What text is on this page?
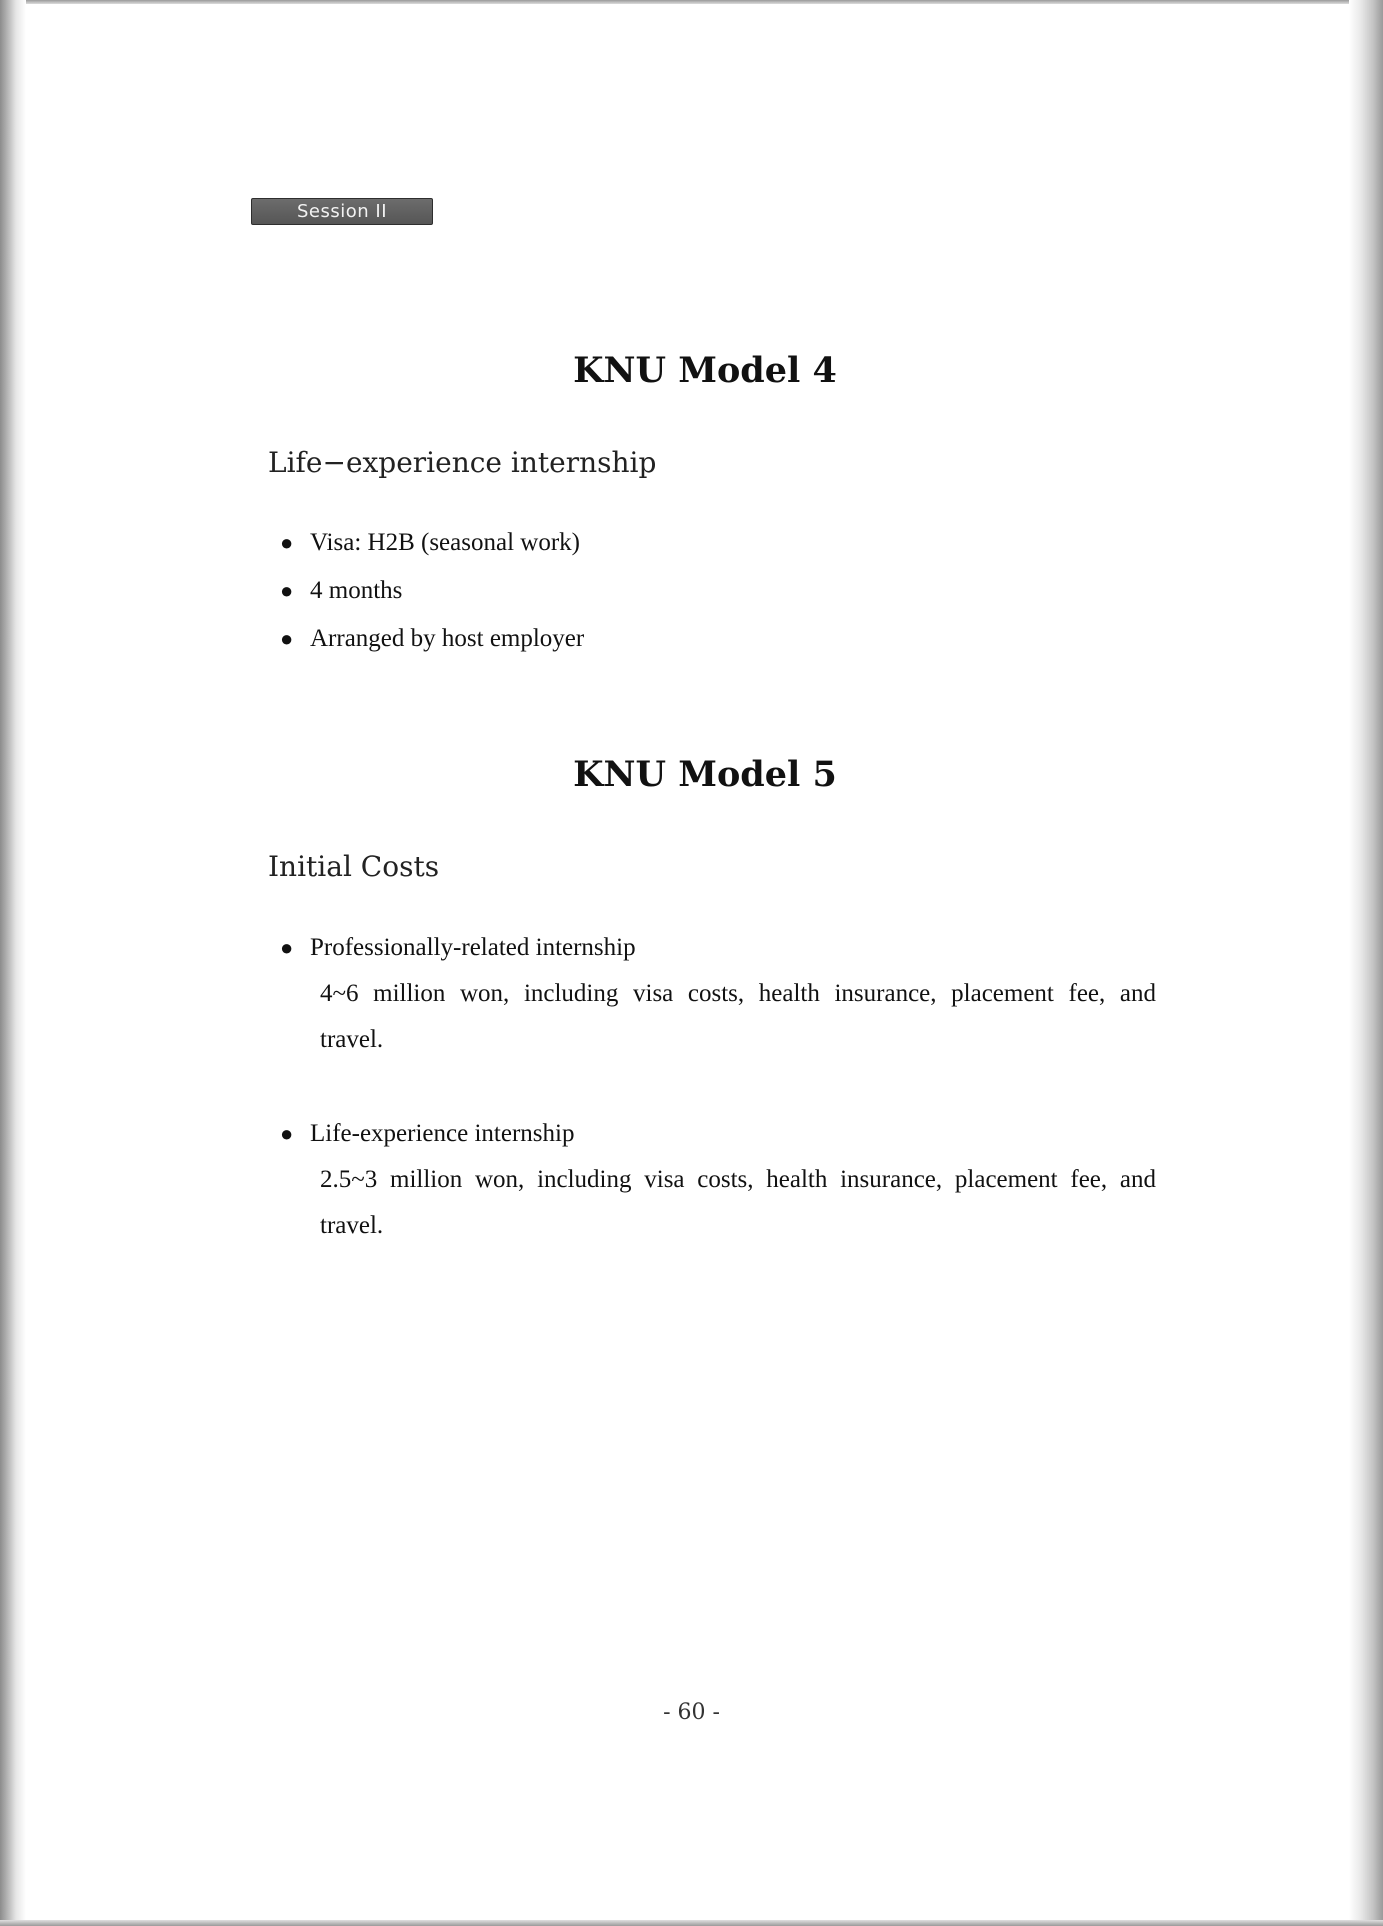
Session II
KNU Model 4
Life−experience internship
● Visa: H2B (seasonal work)
● 4 months
● Arranged by host employer
KNU Model 5
Initial Costs
● Professionally-related internship
4~6 million won, including visa costs, health insurance, placement fee, and travel.
● Life-experience internship
2.5~3 million won, including visa costs, health insurance, placement fee, and travel.
- 60 -
